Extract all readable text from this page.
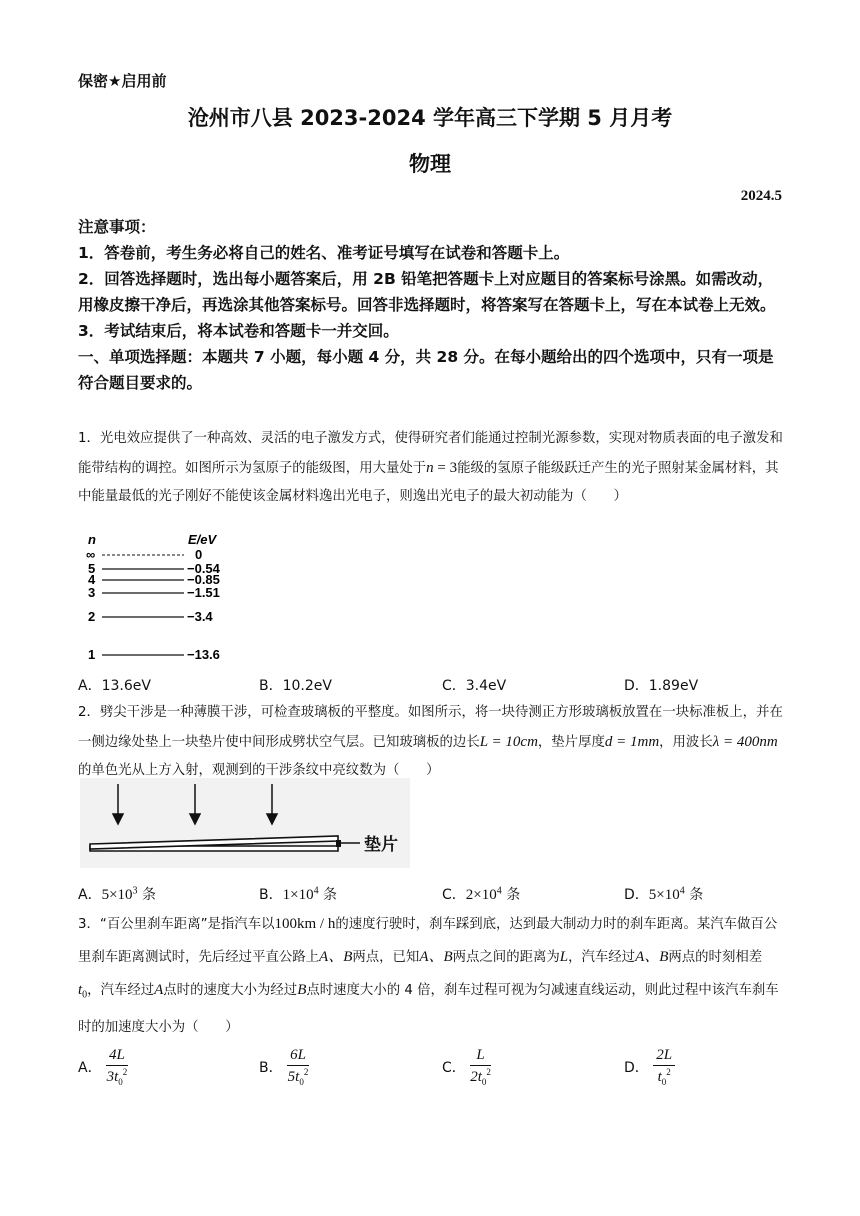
保密★启用前
沧州市八县 2023-2024 学年高三下学期 5 月月考
物理
2024.5
注意事项：
1．答卷前，考生务必将自己的姓名、准考证号填写在试卷和答题卡上。
2．回答选择题时，选出每小题答案后，用 2B 铅笔把答题卡上对应题目的答案标号涂黑。如需改动，用橡皮擦干净后，再选涂其他答案标号。回答非选择题时，将答案写在答题卡上，写在本试卷上无效。
3．考试结束后，将本试卷和答题卡一并交回。
一、单项选择题：本题共 7 小题，每小题 4 分，共 28 分。在每小题给出的四个选项中，只有一项是符合题目要求的。
1．光电效应提供了一种高效、灵活的电子激发方式，使得研究者们能通过控制光源参数，实现对物质表面的电子激发和能带结构的调控。如图所示为氢原子的能级图，用大量处于n = 3能级的氢原子能级跃迁产生的光子照射某金属材料，其中能量最低的光子刚好不能使该金属材料逸出光电子，则逸出光电子的最大初动能为（　　）
n	E/eV
∞	0
5	−0.54
4	−0.85
3	−1.51
2	−3.4
1	−13.6
A．13.6eV	B．10.2eV	C．3.4eV	D．1.89eV
2．劈尖干涉是一种薄膜干涉，可检查玻璃板的平整度。如图所示，将一块待测正方形玻璃板放置在一块标准板上，并在一侧边缘处垫上一块垫片使中间形成劈状空气层。已知玻璃板的边长L = 10cm，垫片厚度d = 1mm，用波长λ = 400nm的单色光从上方入射，观测到的干涉条纹中亮纹数为（　　）
垫片
A．$5\times 10^3$ 条	B．$1\times 10^4$ 条	C．$2\times 10^4$ 条	D．$5\times 10^4$ 条
3．“百公里刹车距离”是指汽车以100km / h的速度行驶时，刹车踩到底，达到最大制动力时的刹车距离。某汽车做百公里刹车距离测试时，先后经过平直公路上A、B两点，已知A、B两点之间的距离为L，汽车经过A、B两点的时刻相差$t_0$，汽车经过A点时的速度大小为经过B点时速度大小的 4 倍，刹车过程可视为匀减速直线运动，则此过程中该汽车刹车时的加速度大小为（　　）
A． $\frac{4L}{3t_0^2}$	B． $\frac{6L}{5t_0^2}$	C． $\frac{L}{2t_0^2}$	D． $\frac{2L}{t_0^2}$
